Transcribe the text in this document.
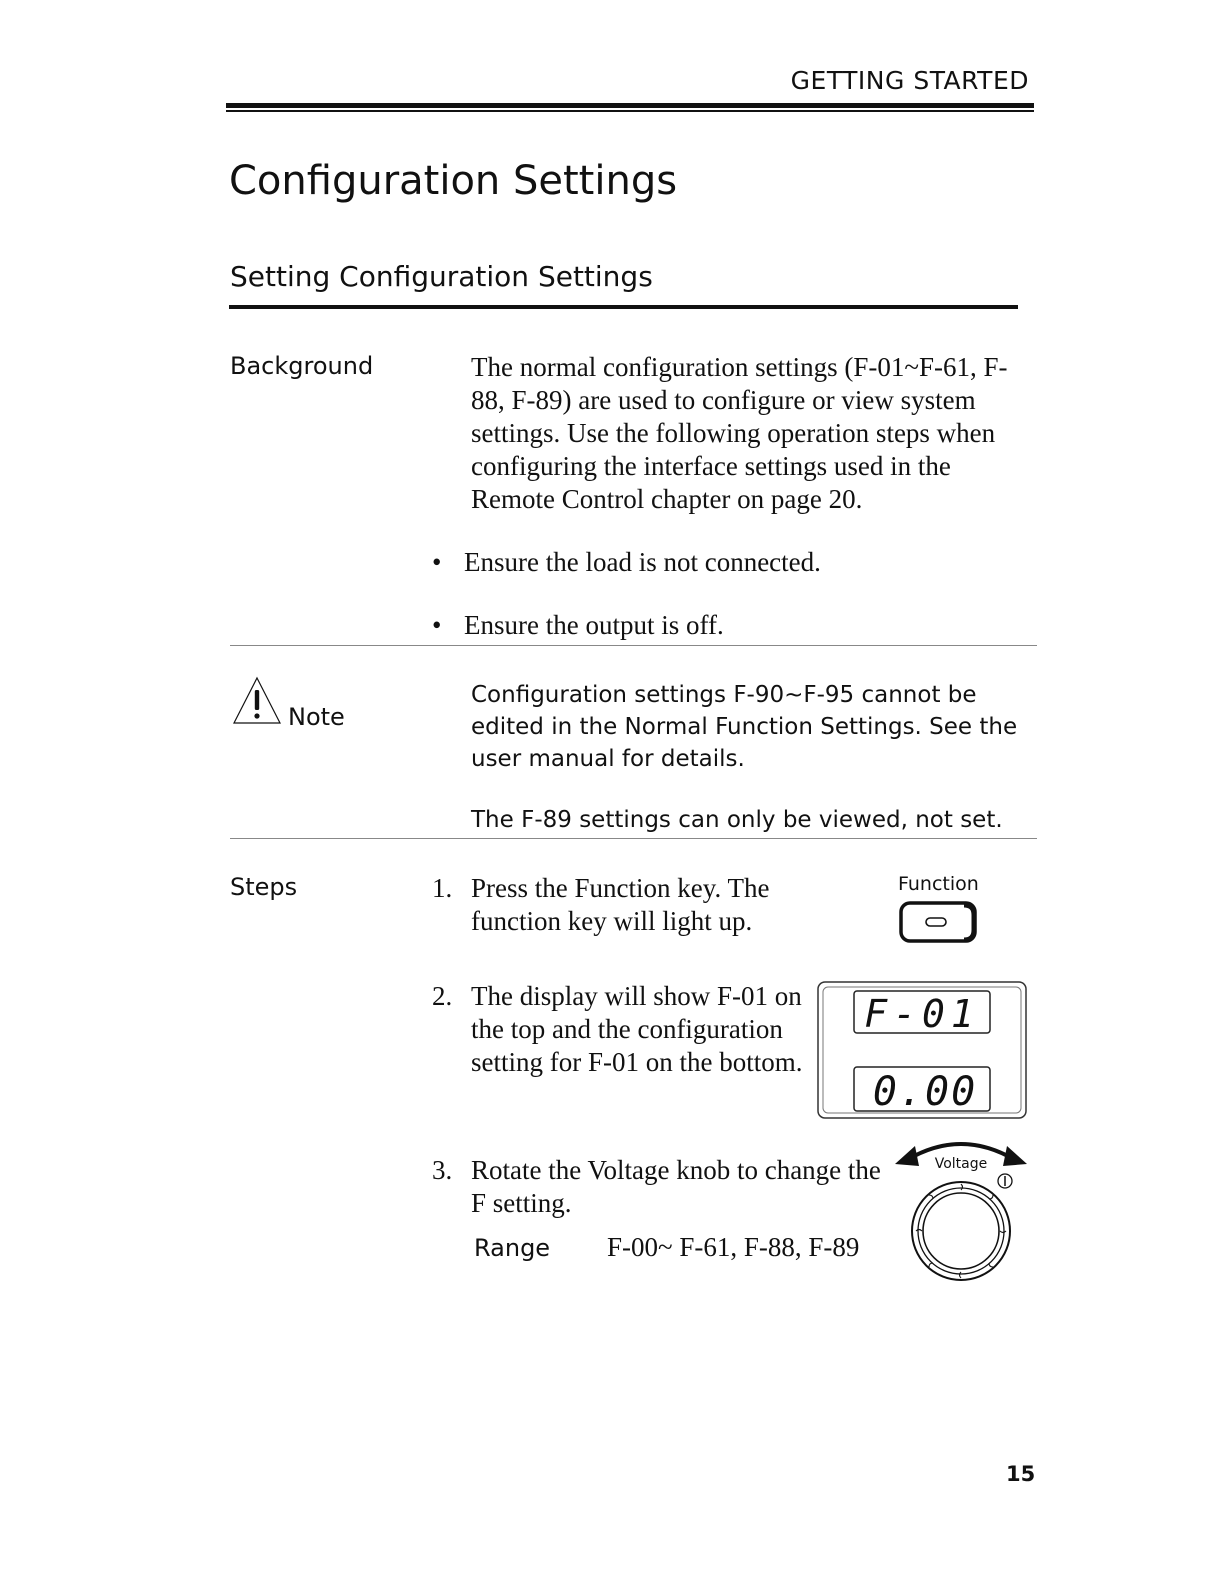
GETTING STARTED
Configuration Settings
Setting Configuration Settings
Background	The normal configuration settings (F-01~F-61, F-88, F-89) are used to configure or view system settings. Use the following operation steps when configuring the interface settings used in the Remote Control chapter on page 20.

• Ensure the load is not connected.
• Ensure the output is off.
Note

Configuration settings F-90~F-95 cannot be edited in the Normal Function Settings. See the user manual for details.

The F-89 settings can only be viewed, not set.

Steps	1. Press the Function key. The function key will light up.

2. The display will show F-01 on the top and the configuration setting for F-01 on the bottom.

3. Rotate the Voltage knob to change the F setting.

Range F-00~ F-61, F-88, F-89
Function
F-01
0.00
Voltage
15
